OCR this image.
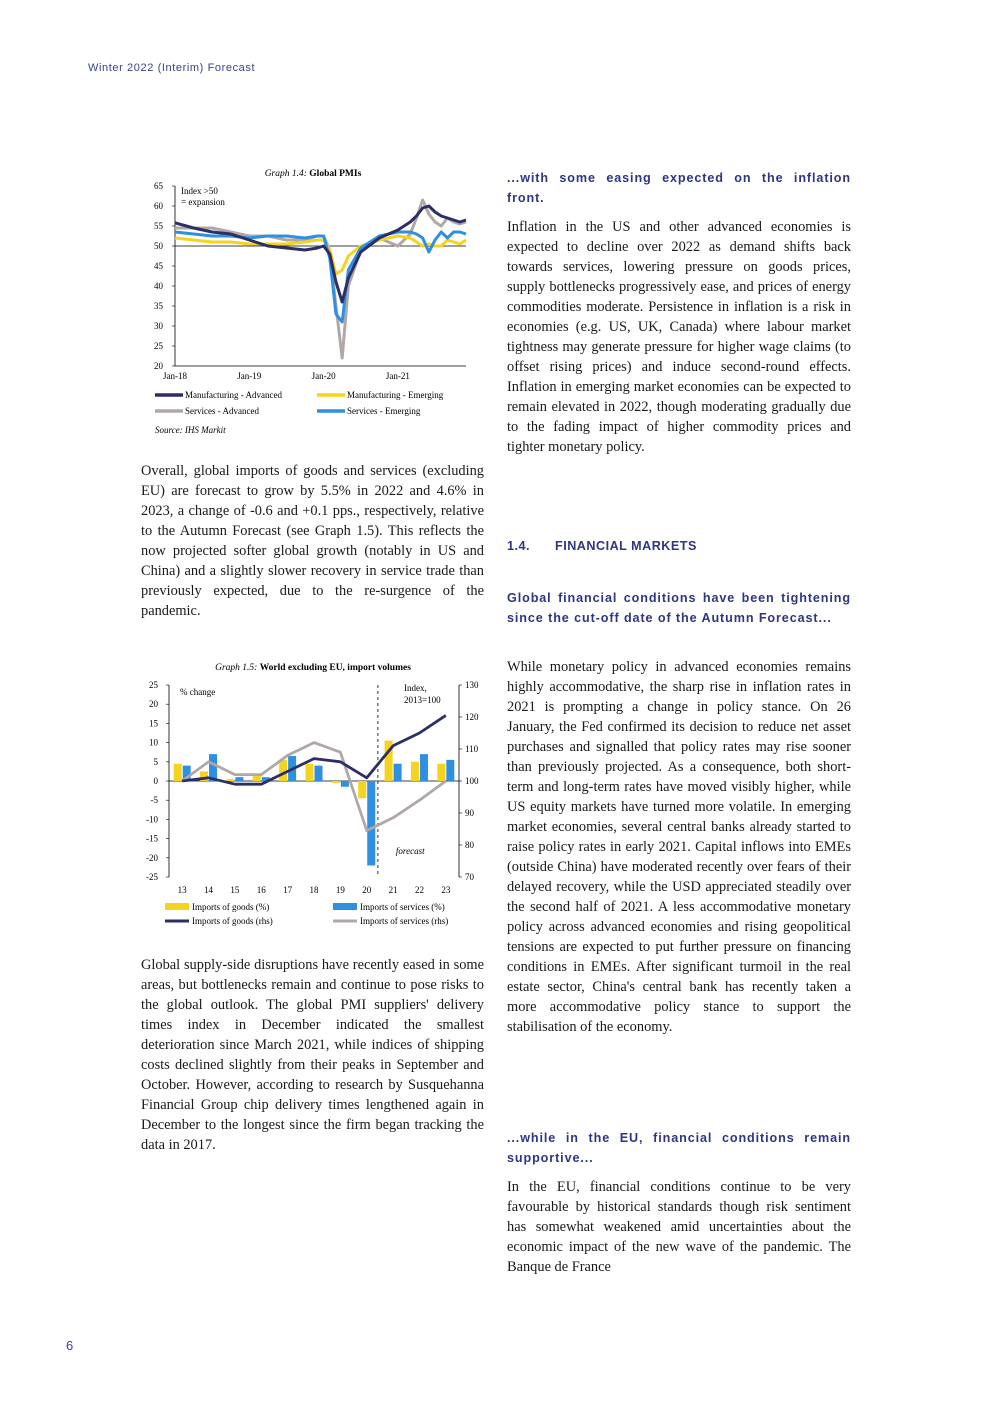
Winter 2022 (Interim) Forecast
Graph 1.4: Global PMIs
65
60
55
50
45
40
35
30
25
20
Jan-18	Jan-19	Jan-20	Jan-21
Index >50
= expansion
Manufacturing - Advanced	Manufacturing - Emerging
Services - Advanced	Services - Emerging
Source: IHS Markit

Overall, global imports of goods and services (excluding EU) are forecast to grow by 5.5% in 2022 and 4.6% in 2023, a change of -0.6 and +0.1 pps., respectively, relative to the Autumn Forecast (see Graph 1.5). This reflects the now projected softer global growth (notably in US and China) and a slightly slower recovery in service trade than previously expected, due to the re-surgence of the pandemic.

Graph 1.5: World excluding EU, import volumes
25
20
15
10
5
0
-5
-10
-15
-20
-25
130
120
110
100
90
80
70
13 14 15 16 17 18 19 20 21 22 23
forecast
% change	Index,
2013=100
Imports of goods (%)	Imports of services (%)
Imports of goods (rhs)	Imports of services (rhs)

Global supply-side disruptions have recently eased in some areas, but bottlenecks remain and continue to pose risks to the global outlook. The global PMI suppliers' delivery times index in December indicated the smallest deterioration since March 2021, while indices of shipping costs declined slightly from their peaks in September and October. However, according to research by Susquehanna Financial Group chip delivery times lengthened again in December to the longest since the firm began tracking the data in 2017.

...with some easing expected on the inflation front.

Inflation in the US and other advanced economies is expected to decline over 2022 as demand shifts back towards services, lowering pressure on goods prices, supply bottlenecks progressively ease, and prices of energy commodities moderate. Persistence in inflation is a risk in economies (e.g. US, UK, Canada) where labour market tightness may generate pressure for higher wage claims (to offset rising prices) and induce second-round effects. Inflation in emerging market economies can be expected to remain elevated in 2022, though moderating gradually due to the fading impact of higher commodity prices and tighter monetary policy.

1.4. FINANCIAL MARKETS

Global financial conditions have been tightening since the cut-off date of the Autumn Forecast...

While monetary policy in advanced economies remains highly accommodative, the sharp rise in inflation rates in 2021 is prompting a change in policy stance. On 26 January, the Fed confirmed its decision to reduce net asset purchases and signalled that policy rates may rise sooner than previously projected. As a consequence, both short-term and long-term rates have moved visibly higher, while US equity markets have turned more volatile. In emerging market economies, several central banks already started to raise policy rates in early 2021. Capital inflows into EMEs (outside China) have moderated recently over fears of their delayed recovery, while the USD appreciated steadily over the second half of 2021. A less accommodative monetary policy across advanced economies and rising geopolitical tensions are expected to put further pressure on financing conditions in EMEs. After significant turmoil in the real estate sector, China's central bank has recently taken a more accommodative policy stance to support the stabilisation of the economy.

...while in the EU, financial conditions remain supportive...

In the EU, financial conditions continue to be very favourable by historical standards though risk sentiment has somewhat weakened amid uncertainties about the economic impact of the new wave of the pandemic. The Banque de France

6
